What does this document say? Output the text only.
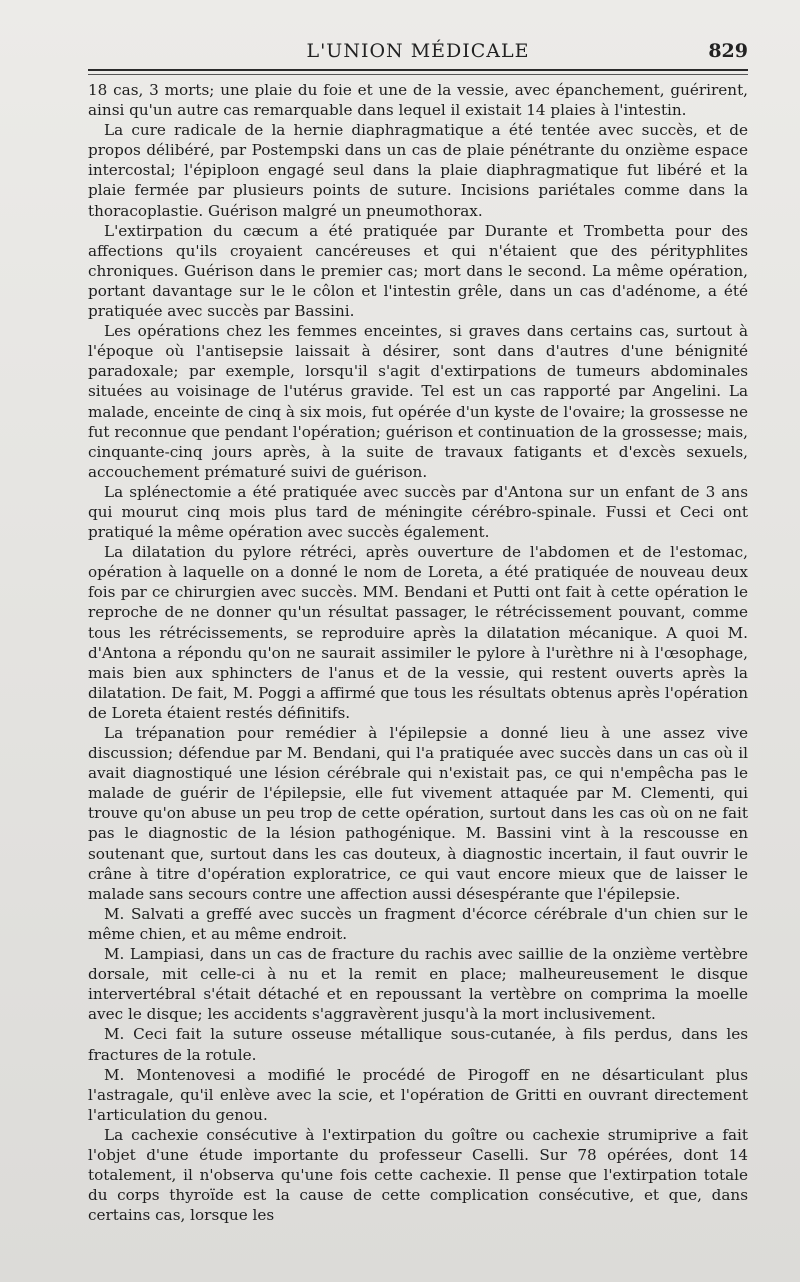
L'UNION MÉDICALE	829

18 cas, 3 morts; une plaie du foie et une de la vessie, avec épanchement, guérirent, ainsi qu'un autre cas remarquable dans lequel il existait 14 plaies à l'intestin.

La cure radicale de la hernie diaphragmatique a été tentée avec succès, et de propos délibéré, par Postempski dans un cas de plaie pénétrante du onzième espace intercostal; l'épiploon engagé seul dans la plaie diaphragmatique fut libéré et la plaie fermée par plusieurs points de suture. Incisions pariétales comme dans la thoracoplastie. Guérison malgré un pneumothorax.

L'extirpation du cæcum a été pratiquée par Durante et Trombetta pour des affections qu'ils croyaient cancéreuses et qui n'étaient que des pérityphlites chroniques. Guérison dans le premier cas; mort dans le second. La même opération, portant davantage sur le le côlon et l'intestin grêle, dans un cas d'adénome, a été pratiquée avec succès par Bassini.

Les opérations chez les femmes enceintes, si graves dans certains cas, surtout à l'époque où l'antisepsie laissait à désirer, sont dans d'autres d'une bénignité paradoxale; par exemple, lorsqu'il s'agit d'extirpations de tumeurs abdominales situées au voisinage de l'utérus gravide. Tel est un cas rapporté par Angelini. La malade, enceinte de cinq à six mois, fut opérée d'un kyste de l'ovaire; la grossesse ne fut reconnue que pendant l'opération; guérison et continuation de la grossesse; mais, cinquante-cinq jours après, à la suite de travaux fatigants et d'excès sexuels, accouchement prématuré suivi de guérison.

La splénectomie a été pratiquée avec succès par d'Antona sur un enfant de 3 ans qui mourut cinq mois plus tard de méningite cérébro-spinale. Fussi et Ceci ont pratiqué la même opération avec succès également.

La dilatation du pylore rétréci, après ouverture de l'abdomen et de l'estomac, opération à laquelle on a donné le nom de Loreta, a été pratiquée de nouveau deux fois par ce chirurgien avec succès. MM. Bendani et Putti ont fait à cette opération le reproche de ne donner qu'un résultat passager, le rétrécissement pouvant, comme tous les rétrécissements, se reproduire après la dilatation mécanique. A quoi M. d'Antona a répondu qu'on ne saurait assimiler le pylore à l'urèthre ni à l'œsophage, mais bien aux sphincters de l'anus et de la vessie, qui restent ouverts après la dilatation. De fait, M. Poggi a affirmé que tous les résultats obtenus après l'opération de Loreta étaient restés définitifs.

La trépanation pour remédier à l'épilepsie a donné lieu à une assez vive discussion; défendue par M. Bendani, qui l'a pratiquée avec succès dans un cas où il avait diagnostiqué une lésion cérébrale qui n'existait pas, ce qui n'empêcha pas le malade de guérir de l'épilepsie, elle fut vivement attaquée par M. Clementi, qui trouve qu'on abuse un peu trop de cette opération, surtout dans les cas où on ne fait pas le diagnostic de la lésion pathogénique. M. Bassini vint à la rescousse en soutenant que, surtout dans les cas douteux, à diagnostic incertain, il faut ouvrir le crâne à titre d'opération exploratrice, ce qui vaut encore mieux que de laisser le malade sans secours contre une affection aussi désespérante que l'épilepsie.

M. Salvati a greffé avec succès un fragment d'écorce cérébrale d'un chien sur le même chien, et au même endroit.

M. Lampiasi, dans un cas de fracture du rachis avec saillie de la onzième vertèbre dorsale, mit celle-ci à nu et la remit en place; malheureusement le disque intervertébral s'était détaché et en repoussant la vertèbre on comprima la moelle avec le disque; les accidents s'aggravèrent jusqu'à la mort inclusivement.

M. Ceci fait la suture osseuse métallique sous-cutanée, à fils perdus, dans les fractures de la rotule.

M. Montenovesi a modifié le procédé de Pirogoff en ne désarticulant plus l'astragale, qu'il enlève avec la scie, et l'opération de Gritti en ouvrant directement l'articulation du genou.

La cachexie consécutive à l'extirpation du goître ou cachexie strumiprive a fait l'objet d'une étude importante du professeur Caselli. Sur 78 opérées, dont 14 totalement, il n'observa qu'une fois cette cachexie. Il pense que l'extirpation totale du corps thyroïde est la cause de cette complication consécutive, et que, dans certains cas, lorsque les
